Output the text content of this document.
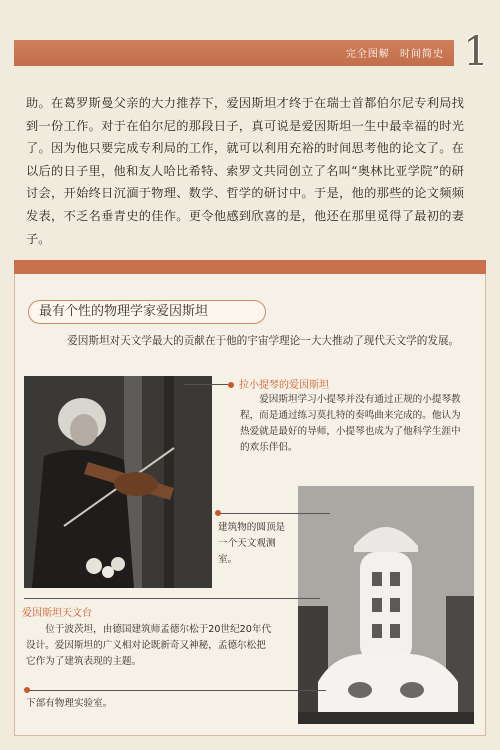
完全图解 时间简史 1

助。在葛罗斯曼父亲的大力推荐下，爱因斯坦才终于在瑞士首都伯尔尼专利局找到一份工作。对于在伯尔尼的那段日子，真可说是爱因斯坦一生中最幸福的时光了。因为他只要完成专利局的工作，就可以利用充裕的时间思考他的论文了。在以后的日子里，他和友人哈比希特、索罗文共同创立了名叫“奥林比亚学院”的研讨会，开始终日沉湎于物理、数学、哲学的研讨中。于是，他的那些的论文频频发表，不乏名垂青史的佳作。更令他感到欣喜的是，他还在那里觅得了最初的妻子。

最有个性的物理学家爱因斯坦

爱因斯坦对天文学最大的贡献在于他的宇宙学理论一大大推动了现代天文学的发展。

拉小提琴的爱因斯坦

爱因斯坦学习小提琴并没有通过正规的小提琴教程，而是通过练习莫扎特的奏鸣曲来完成的。他认为热爱就是最好的导师，小提琴也成为了他科学生涯中的欢乐伴侣。

建筑物的圆顶是一个天文观测室。

爱因斯坦天文台

位于波茨坦，由德国建筑师孟德尔松于20世纪20年代设计。爱因斯坦的广义相对论既新奇又神秘，孟德尔松把它作为了建筑表现的主题。

下部有物理实验室。
